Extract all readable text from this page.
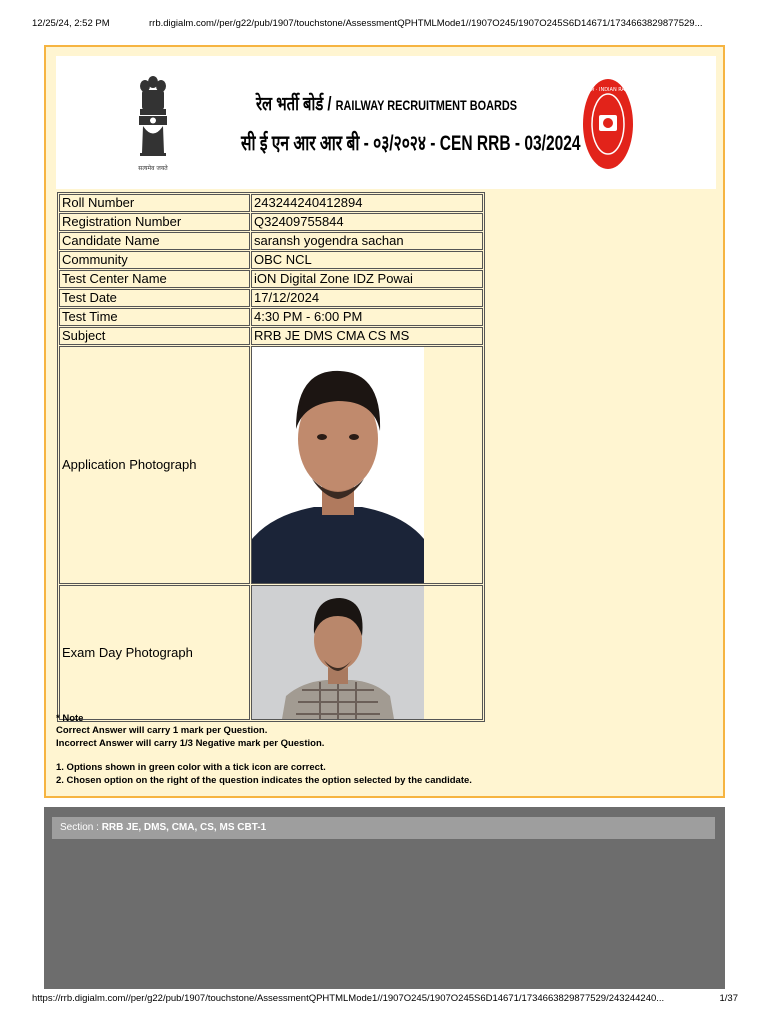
12/25/24, 2:52 PM	rrb.digialm.com//per/g22/pub/1907/touchstone/AssessmentQPHTMLMode1//1907O245/1907O245S6D14671/1734663829877529...
सत्यमेव जयते
रेल भर्ती बोर्ड / RAILWAY RECRUITMENT BOARDS
सी ई एन आर आर बी - ०३/२०२४ - CEN RRB - 03/2024
भारतीय रेल · INDIAN RAILWAYS
Roll Number	243244240412894
Registration Number	Q32409755844
Candidate Name	saransh yogendra sachan
Community	OBC NCL
Test Center Name	iON Digital Zone IDZ Powai
Test Date	17/12/2024
Test Time	4:30 PM - 6:00 PM
Subject	RRB JE DMS CMA CS MS
Application Photograph	

Exam Day Photograph	
* Note
Correct Answer will carry 1 mark per Question.
Incorrect Answer will carry 1/3 Negative mark per Question.
1. Options shown in green color with a tick icon are correct.
2. Chosen option on the right of the question indicates the option selected by the candidate.
Section : RRB JE, DMS, CMA, CS, MS CBT-1
https://rrb.digialm.com//per/g22/pub/1907/touchstone/AssessmentQPHTMLMode1//1907O245/1907O245S6D14671/1734663829877529/243244240...	1/37
